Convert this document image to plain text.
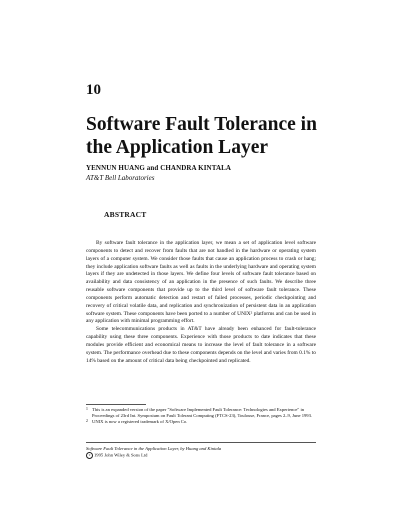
10
Software Fault Tolerance in the Application Layer
YENNUN HUANG and CHANDRA KINTALA
AT&T Bell Laboratories
ABSTRACT

By software fault tolerance in the application layer, we mean a set of application level software components to detect and recover from faults that are not handled in the hardware or operating system layers of a computer system. We consider those faults that cause an application process to crash or hang; they include application software faults as well as faults in the underlying hardware and operating system layers if they are undetected in those layers. We define four levels of software fault tolerance based on availability and data consistency of an application in the presence of such faults. We describe three reusable software components that provide up to the third level of software fault tolerance. These components perform automatic detection and restart of failed processes, periodic checkpointing and recovery of critical volatile data, and replication and synchronization of persistent data in an application software system. These components have been ported to a number of UNIX² platforms and can be used in any application with minimal programming effort.

Some telecommunications products in AT&T have already been enhanced for fault-tolerance capability using these three components. Experience with those products to date indicates that these modules provide efficient and economical means to increase the level of fault tolerance in a software system. The performance overhead due to these components depends on the level and varies from 0.1% to 14% based on the amount of critical data being checkpointed and replicated.

1 This is an expanded version of the paper "Software Implemented Fault Tolerance: Technologies and Experience" in Proceedings of 23rd Int. Symposium on Fault Tolerant Computing (FTCS-23), Toulouse, France, pages 2–9, June 1993.

2 UNIX is now a registered trademark of X/Open Co.

Software Fault Tolerance in the Application Layer, by Huang and Kintala
c 1995 John Wiley & Sons Ltd
